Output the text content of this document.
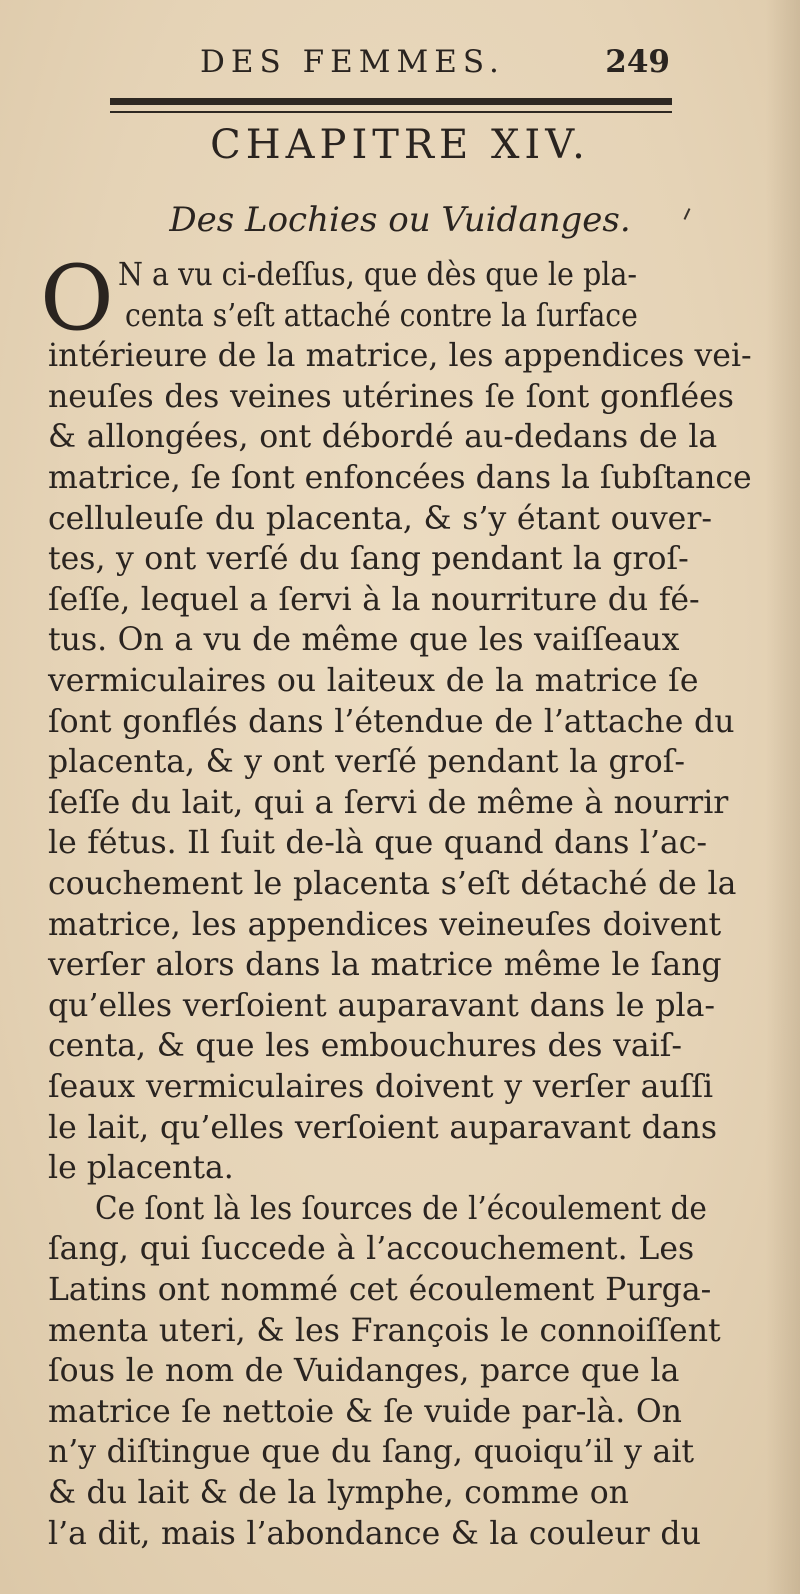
DES FEMMES.	249
CHAPITRE XIV.
Des Lochies ou Vuidanges.
O N a vu ci-deſſus, que dès que le pla-
centa s’eſt attaché contre la ſurface
intérieure de la matrice, les appendices vei-
neuſes des veines utérines ſe ſont gonflées
& allongées, ont débordé au-dedans de la
matrice, ſe ſont enfoncées dans la ſubſtance
celluleuſe du placenta, & s’y étant ouver-
tes, y ont verſé du ſang pendant la groſ-
ſeſſe, lequel a ſervi à la nourriture du fé-
tus. On a vu de même que les vaiſſeaux
vermiculaires ou laiteux de la matrice ſe
ſont gonflés dans l’étendue de l’attache du
placenta, & y ont verſé pendant la groſ-
ſeſſe du lait, qui a ſervi de même à nourrir
le fétus. Il ſuit de-là que quand dans l’ac-
couchement le placenta s’eſt détaché de la
matrice, les appendices veineuſes doivent
verſer alors dans la matrice même le ſang
qu’elles verſoient auparavant dans le pla-
centa, & que les embouchures des vaiſ-
ſeaux vermiculaires doivent y verſer auſſi
le lait, qu’elles verſoient auparavant dans
le placenta.
Ce ſont là les ſources de l’écoulement de
ſang, qui ſuccede à l’accouchement. Les
Latins ont nommé cet écoulement Purga-
menta uteri, & les François le connoiſſent
ſous le nom de Vuidanges, parce que la
matrice ſe nettoie & ſe vuide par-là. On
n’y diſtingue que du ſang, quoiqu’il y ait
& du lait & de la lymphe, comme on
l’a dit, mais l’abondance & la couleur du
